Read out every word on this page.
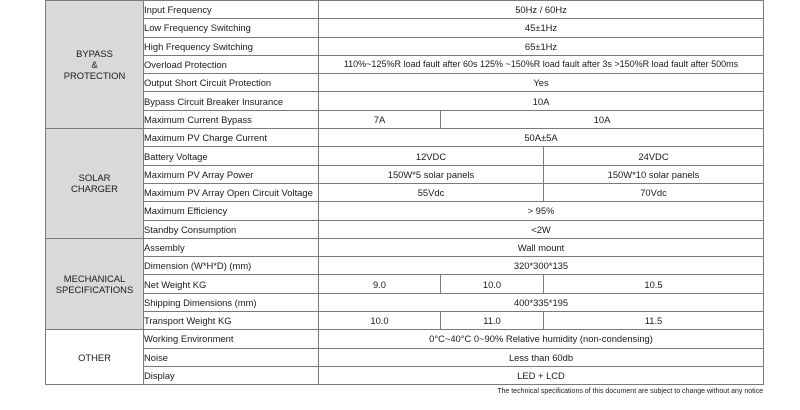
BYPASS
&
PROTECTION	Input Frequency	50Hz / 60Hz		
	Low Frequency Switching	45±1Hz		
	High Frequency Switching	65±1Hz		
	Overload Protection	110%~125%R load fault after 60s 125% ~150%R load fault after 3s >150%R load fault after 500ms		
	Output Short Circuit Protection	Yes		
	Bypass Circuit Breaker Insurance	10A		
	Maximum Current Bypass	7A	10A	

SOLAR
CHARGER	Maximum PV Charge Current	50A±5A		
	Battery Voltage	12VDC		24VDC
	Maximum PV Array Power	150W*5 solar panels		150W*10 solar panels
	Maximum PV Array Open Circuit Voltage	55Vdc		70Vdc
	Maximum Efficiency	> 95%		
	Standby Consumption	<2W		

MECHANICAL
SPECIFICATIONS	Assembly	Wall mount		
	Dimension (W*H*D) (mm)	320*300*135		
	Net Weight KG	9.0	10.0	10.5
	Shipping Dimensions (mm)	400*335*195		
	Transport Weight KG	10.0	11.0	11.5

OTHER	Working Environment	0°C~40°C 0~90% Relative humidity (non-condensing)		
	Noise	Less than 60db		
	Display	LED + LCD		
The technical specifications of this document are subject to change without any notice
